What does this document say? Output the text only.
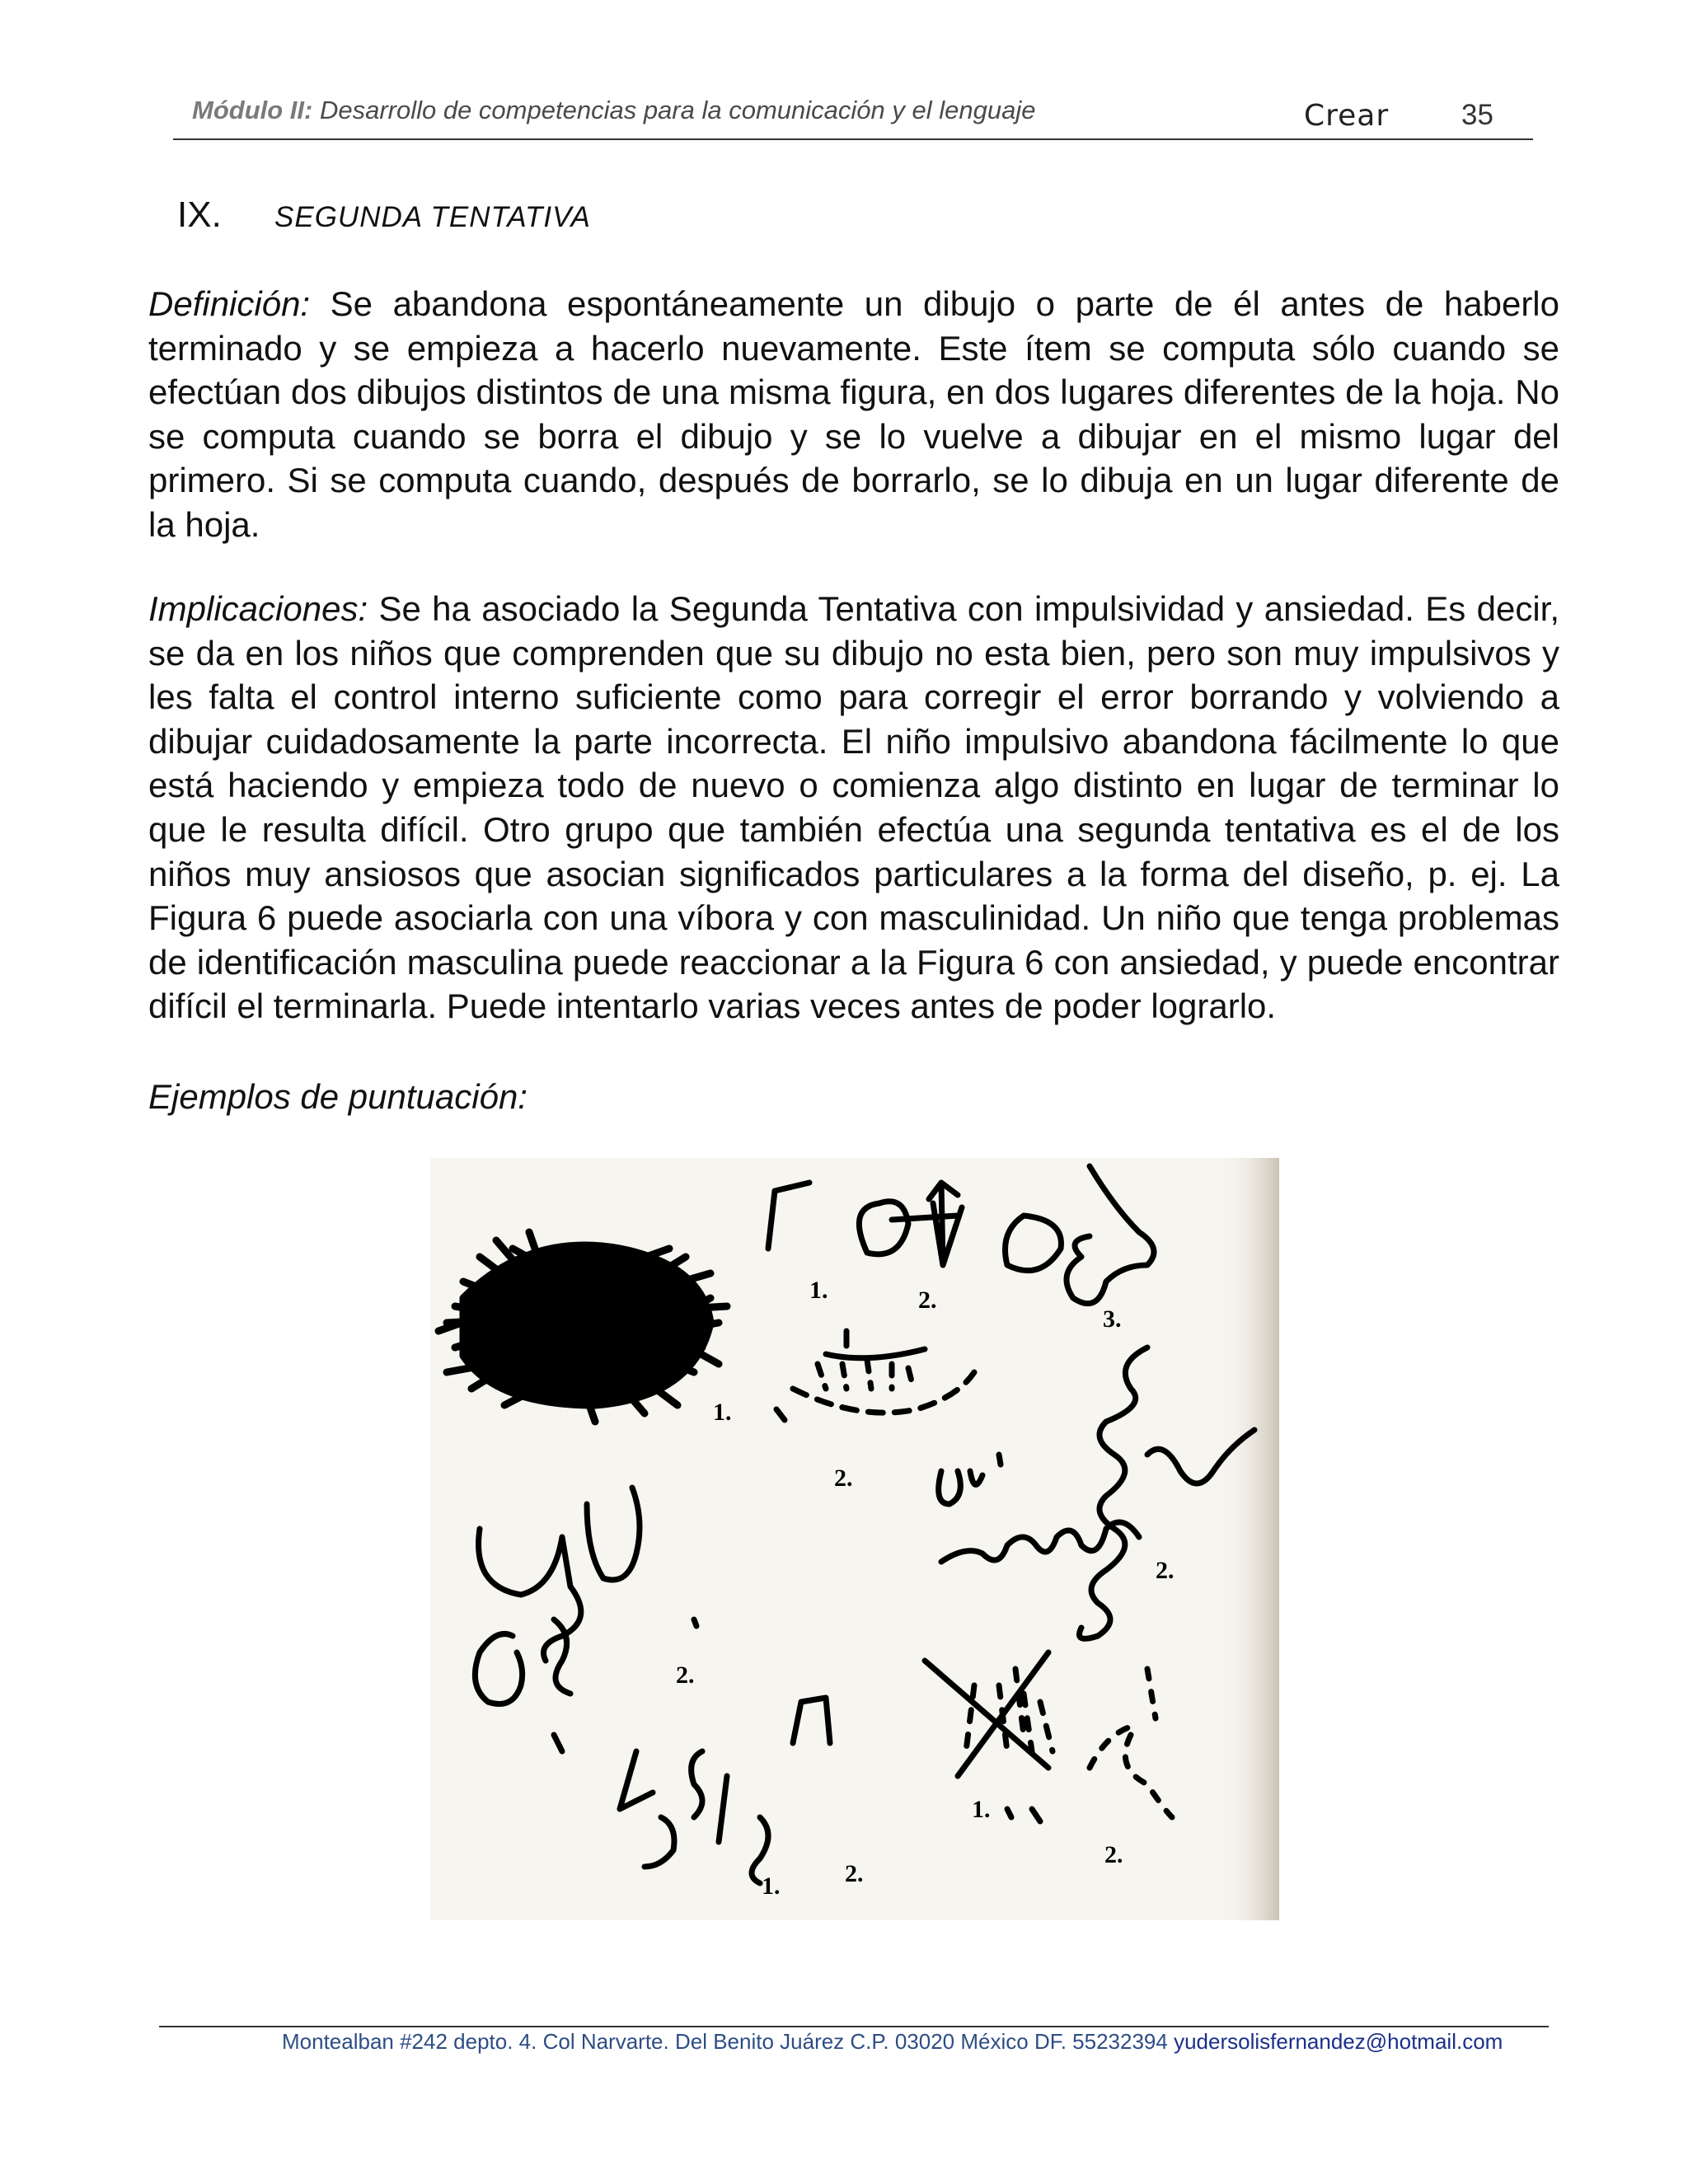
Módulo II: Desarrollo de competencias para la comunicación y el lenguaje	Crear	35
IX. SEGUNDA TENTATIVA

Definición: Se abandona espontáneamente un dibujo o parte de él antes de haberlo terminado y se empieza a hacerlo nuevamente. Este ítem se computa sólo cuando se efectúan dos dibujos distintos de una misma figura, en dos lugares diferentes de la hoja. No se computa cuando se borra el dibujo y se lo vuelve a dibujar en el mismo lugar del primero. Si se computa cuando, después de borrarlo, se lo dibuja en un lugar diferente de la hoja.

Implicaciones: Se ha asociado la Segunda Tentativa con impulsividad y ansiedad. Es decir, se da en los niños que comprenden que su dibujo no esta bien, pero son muy impulsivos y les falta el control interno suficiente como para corregir el error borrando y volviendo a dibujar cuidadosamente la parte incorrecta. El niño impulsivo abandona fácilmente lo que está haciendo y empieza todo de nuevo o comienza algo distinto en lugar de terminar lo que le resulta difícil. Otro grupo que también efectúa una segunda tentativa es el de los niños muy ansiosos que asocian significados particulares a la forma del diseño, p. ej. La Figura 6 puede asociarla con una víbora y con masculinidad. Un niño que tenga problemas de identificación masculina puede reaccionar a la Figura 6 con ansiedad, y puede encontrar difícil el terminarla. Puede intentarlo varias veces antes de poder lograrlo.

Ejemplos de puntuación:
1.	2.
3.
1.
2.
2.
2.
1.	2.
1.
2.
Montealban #242 depto. 4. Col Narvarte. Del Benito Juárez C.P. 03020 México DF. 55232394 yudersolisfernandez@hotmail.com
